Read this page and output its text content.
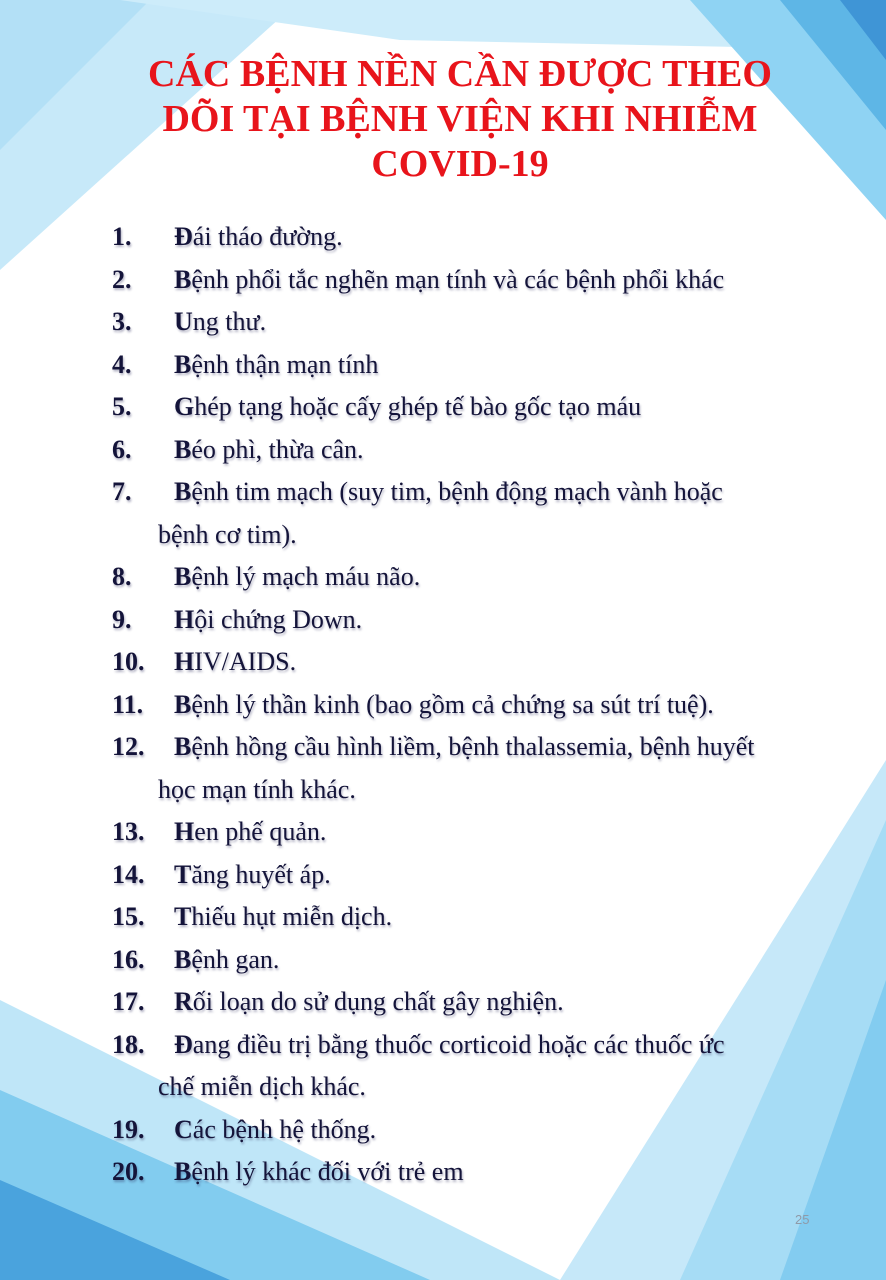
CÁC BỆNH NỀN CẦN ĐƯỢC THEO
DÕI TẠI BỆNH VIỆN KHI NHIỄM
COVID-19
1. Đái tháo đường.
2. Bệnh phổi tắc nghẽn mạn tính và các bệnh phổi khác
3. Ung thư.
4. Bệnh thận mạn tính
5. Ghép tạng hoặc cấy ghép tế bào gốc tạo máu
6. Béo phì, thừa cân.
7. Bệnh tim mạch (suy tim, bệnh động mạch vành hoặc
bệnh cơ tim).
8. Bệnh lý mạch máu não.
9. Hội chứng Down.
10. HIV/AIDS.
11. Bệnh lý thần kinh (bao gồm cả chứng sa sút trí tuệ).
12. Bệnh hồng cầu hình liềm, bệnh thalassemia, bệnh huyết
học mạn tính khác.
13. Hen phế quản.
14. Tăng huyết áp.
15. Thiếu hụt miễn dịch.
16. Bệnh gan.
17. Rối loạn do sử dụng chất gây nghiện.
18. Đang điều trị bằng thuốc corticoid hoặc các thuốc ức
chế miễn dịch khác.
19. Các bệnh hệ thống.
20. Bệnh lý khác đối với trẻ em
25
